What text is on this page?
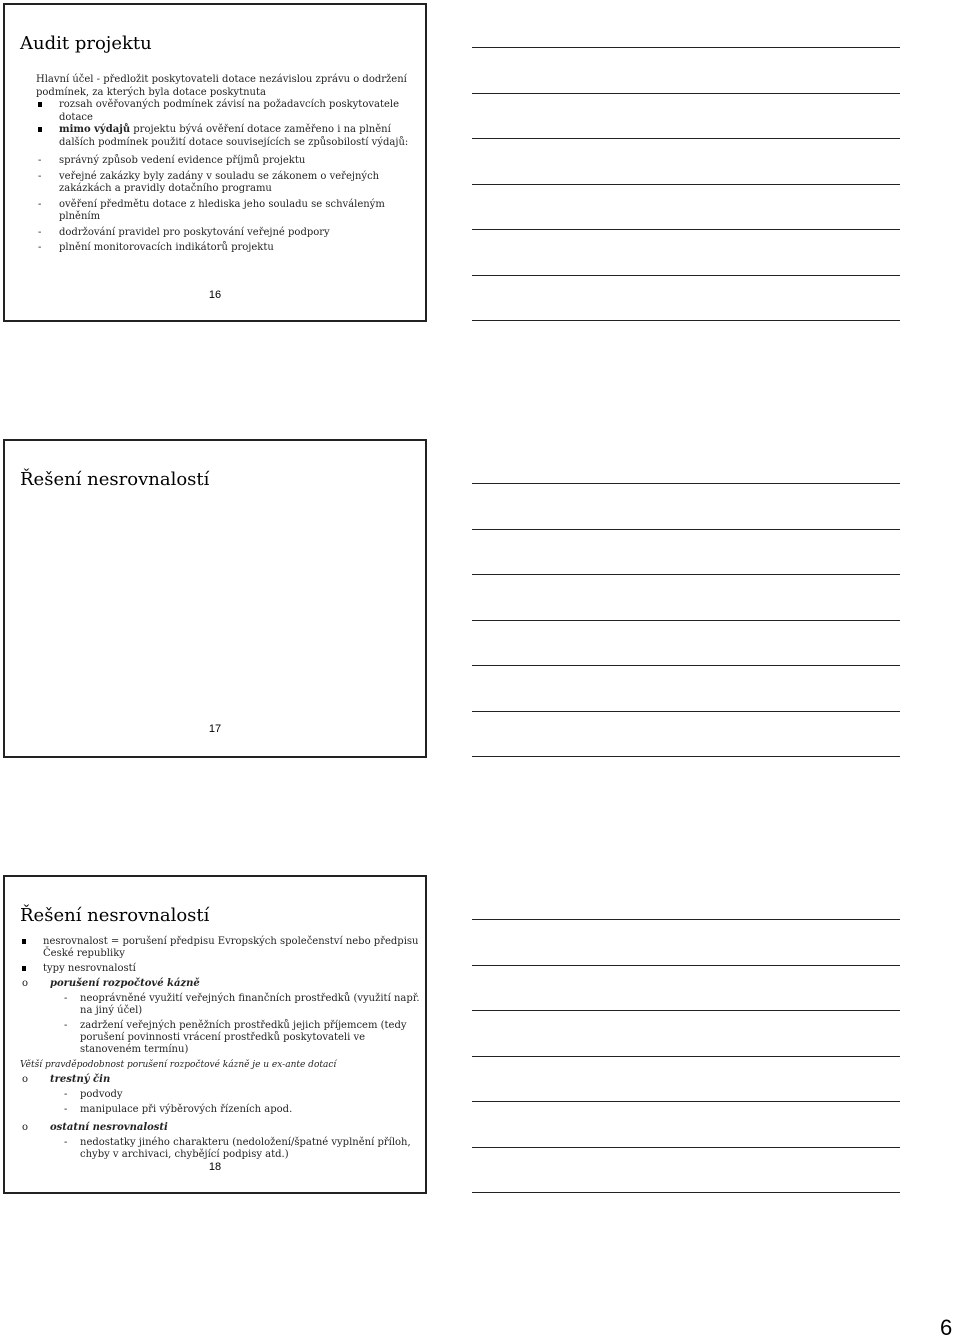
Audit projektu
Hlavní účel - předložit poskytovateli dotace nezávislou zprávu o dodržení podmínek, za kterých byla dotace poskytnuta
rozsah ověřovaných podmínek závisí na požadavcích poskytovatele dotace
mimo výdajů projektu bývá ověření dotace zaměřeno i na plnění dalších podmínek použití dotace souvisejících se způsobilostí výdajů:
- správný způsob vedení evidence příjmů projektu
- veřejné zakázky byly zadány v souladu se zákonem o veřejných zakázkách a pravidly dotačního programu
- ověření předmětu dotace z hlediska jeho souladu se schváleným plněním
- dodržování pravidel pro poskytování veřejné podpory
- plnění monitorovacích indikátorů projektu
16
Řešení nesrovnalostí
17
Řešení nesrovnalostí
nesrovnalost = porušení předpisu Evropských společenství nebo předpisu České republiky
typy nesrovnalostí
o porušení rozpočtové kázně
- neoprávněné využití veřejných finančních prostředků (využití např. na jiný účel)
- zadržení veřejných peněžních prostředků jejich příjemcem (tedy porušení povinnosti vrácení prostředků poskytovateli ve stanoveném termínu)
Větší pravděpodobnost porušení rozpočtové kázně je u ex-ante dotací
o trestný čin
- podvody
- manipulace při výběrových řízeních apod.
o ostatní nesrovnalosti
- nedostatky jiného charakteru (nedoložení/špatné vyplnění příloh, chyby v archivaci, chybějící podpisy atd.)
18
6
